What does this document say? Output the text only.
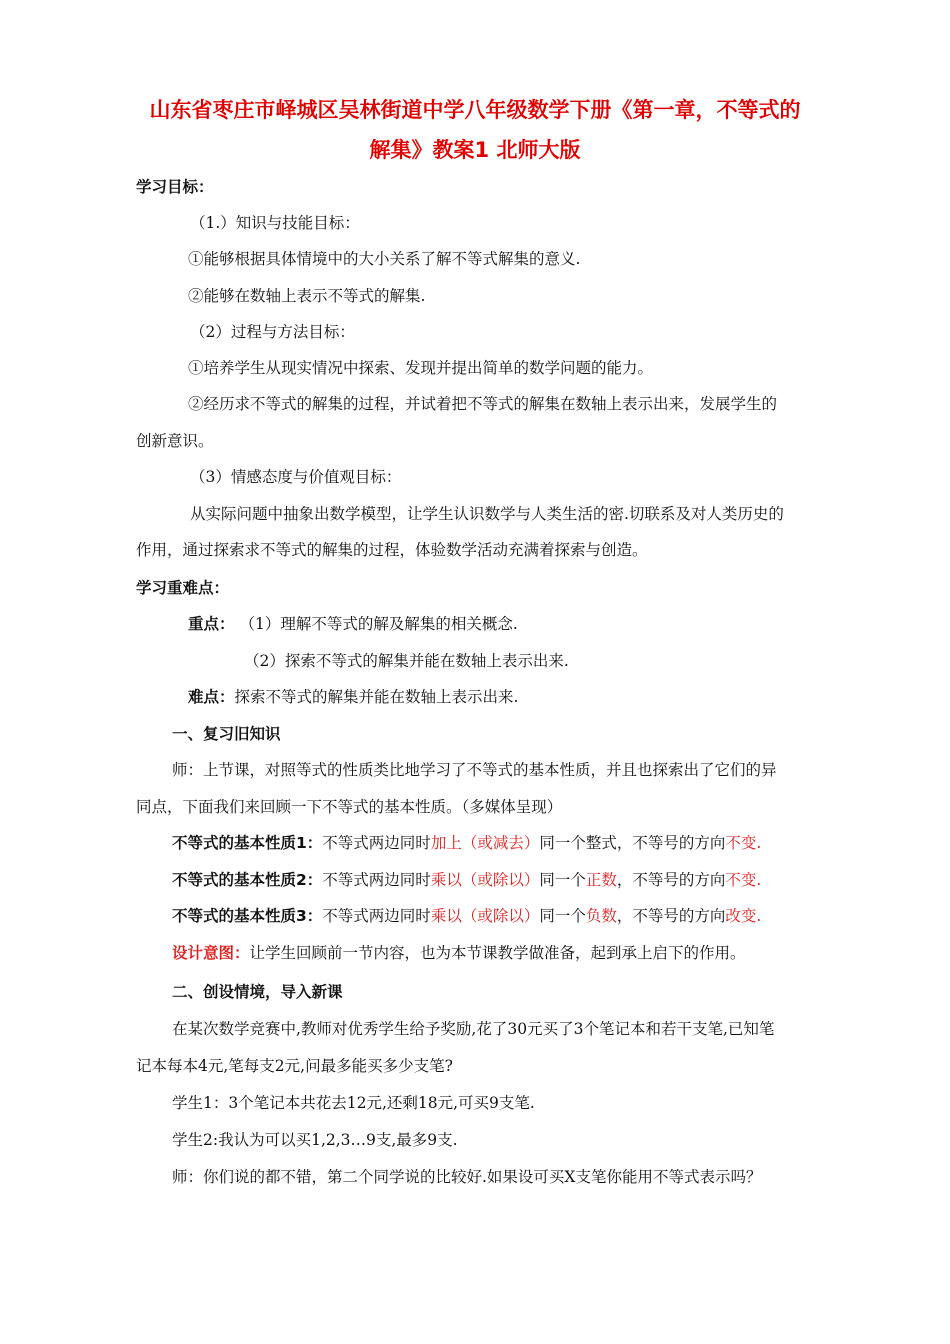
山东省枣庄市峄城区吴林街道中学八年级数学下册《第一章，不等式的
解集》教案1 北师大版
学习目标：
（1.）知识与技能目标：
①能够根据具体情境中的大小关系了解不等式解集的意义.
②能够在数轴上表示不等式的解集.
（2）过程与方法目标：
①培养学生从现实情况中探索、发现并提出简单的数学问题的能力。
②经历求不等式的解集的过程，并试着把不等式的解集在数轴上表示出来，发展学生的
创新意识。
（3）情感态度与价值观目标：
从实际问题中抽象出数学模型，让学生认识数学与人类生活的密.切联系及对人类历史的
作用，通过探索求不等式的解集的过程，体验数学活动充满着探索与创造。
学习重难点：
重点： （1）理解不等式的解及解集的相关概念.
（2）探索不等式的解集并能在数轴上表示出来.
难点：探索不等式的解集并能在数轴上表示出来.
一、复习旧知识
师：上节课，对照等式的性质类比地学习了不等式的基本性质，并且也探索出了它们的异
同点，下面我们来回顾一下不等式的基本性质。（多媒体呈现）
不等式的基本性质1：不等式两边同时加上（或减去）同一个整式，不等号的方向不变.
不等式的基本性质2：不等式两边同时乘以（或除以）同一个正数，不等号的方向不变.
不等式的基本性质3：不等式两边同时乘以（或除以）同一个负数，不等号的方向改变.
设计意图：让学生回顾前一节内容，也为本节课教学做准备，起到承上启下的作用。
二、创设情境，导入新课
在某次数学竞赛中,教师对优秀学生给予奖励,花了30元买了3个笔记本和若干支笔,已知笔
记本每本4元,笔每支2元,问最多能买多少支笔?
学生1：3个笔记本共花去12元,还剩18元,可买9支笔.
学生2:我认为可以买1,2,3…9支,最多9支.
师：你们说的都不错，第二个同学说的比较好.如果设可买X支笔你能用不等式表示吗？
